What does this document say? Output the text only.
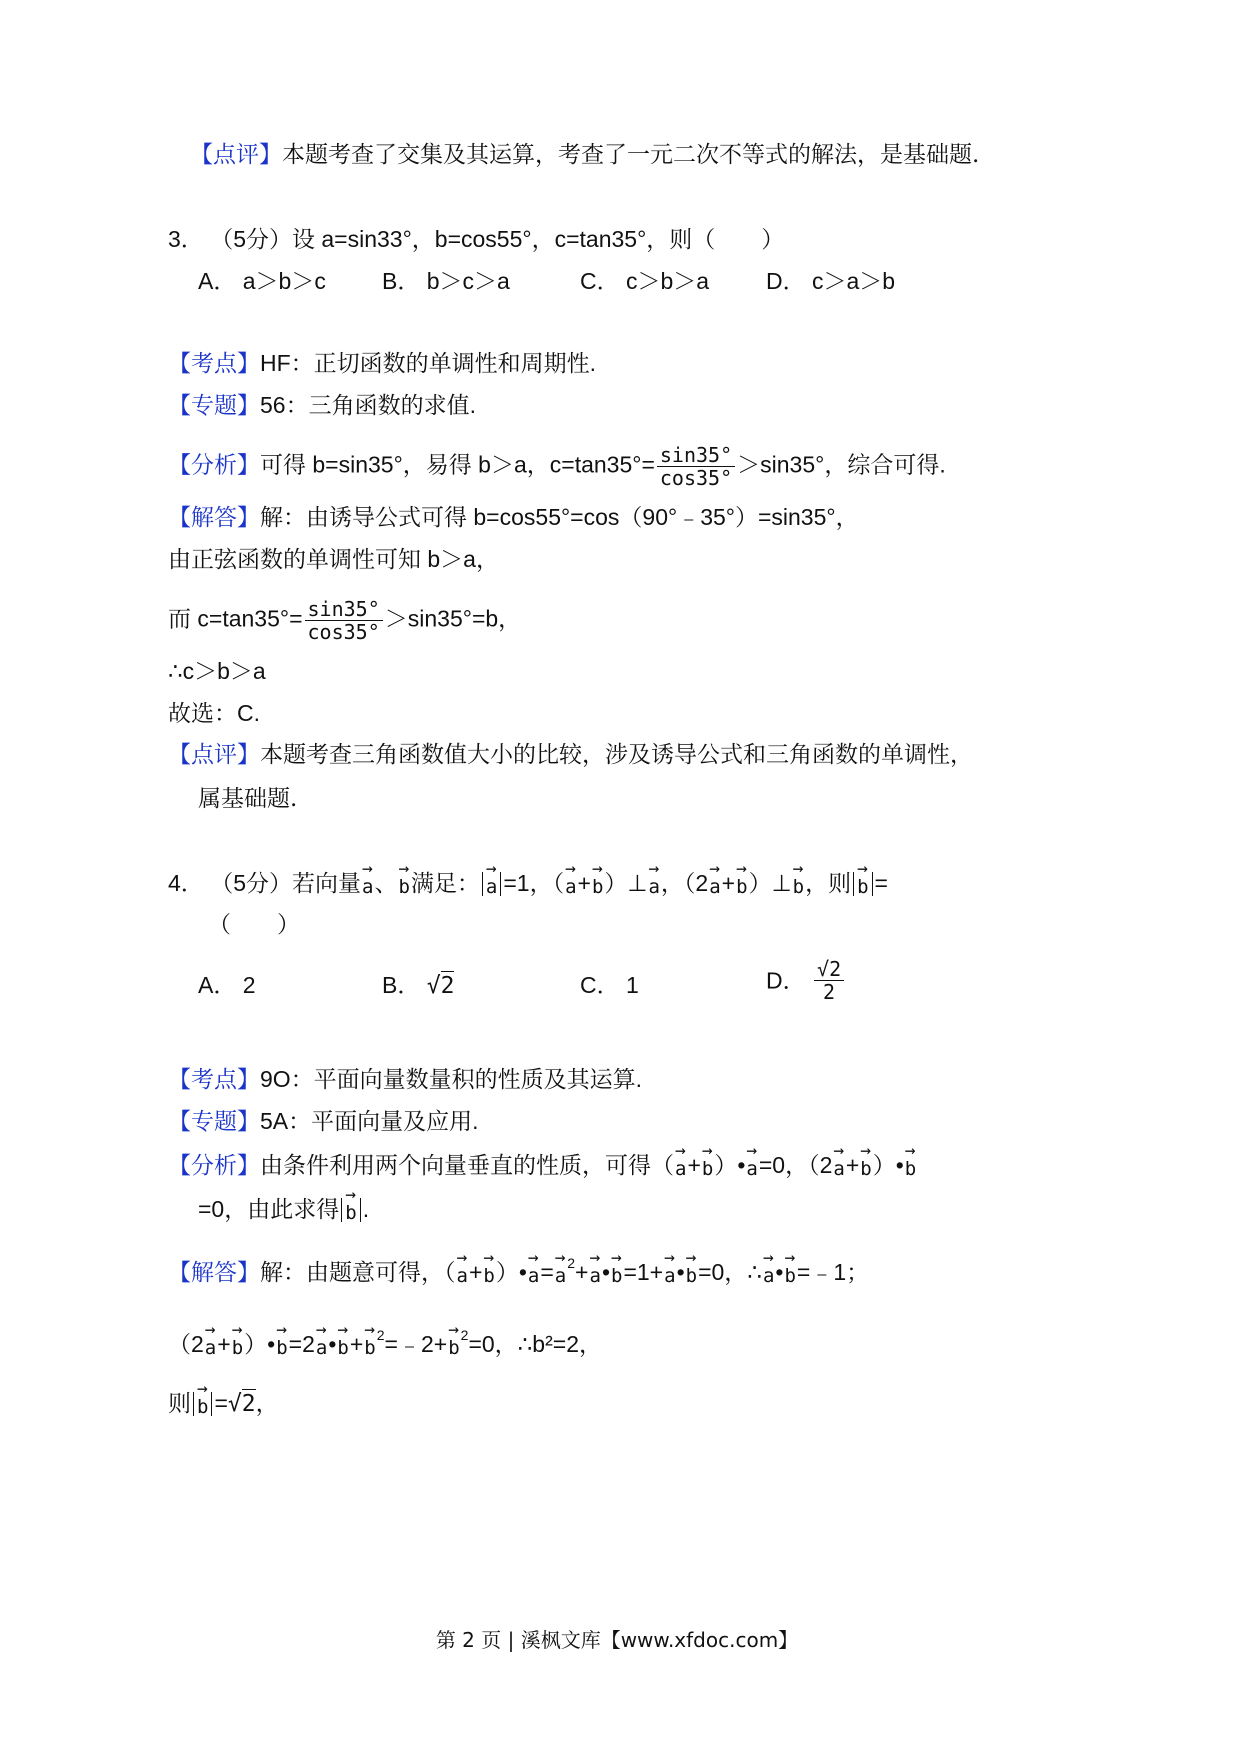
【点评】本题考查了交集及其运算，考查了一元二次不等式的解法，是基础题.
3． （5分）设 a=sin33°，b=cos55°，c=tan35°，则（　　）
A． a＞b＞c B． b＞c＞a	C． c＞b＞a D． c＞a＞b
【考点】HF：正切函数的单调性和周期性.
【专题】56：三角函数的求值.
【分析】可得 b=sin35°，易得 b＞a，$c=\tan 35^\circ= \frac{\sin 35^\circ}{\cos 35^\circ} >\sin 35^\circ$，综合可得.
【解答】解：由诱导公式可得 b=cos55°=cos（90°﹣35°）=sin35°，
由正弦函数的单调性可知 b＞a，
而 $c=\tan 35^\circ= \frac{\sin 35^\circ}{\cos 35^\circ} >\sin 35^\circ=b$，
∴c＞b＞a
故选：C.
【点评】本题考查三角函数值大小的比较，涉及诱导公式和三角函数的单调性，
属基础题.
4． （5分）若向量→ a、→ b满足： → a =1，（→ a+→ b）⊥→ a，（2→ a+→ b）⊥→ b，则 → b =
（　　）
A． 2	B． √2	C． 1	D． $\frac{√2}{2}$
【考点】9O：平面向量数量积的性质及其运算.
【专题】5A：平面向量及应用.
【分析】由条件利用两个向量垂直的性质，可得（→ a+→ b）•→ a=0，（2→ a+→ b）•→ b
=0，由此求得 → b .
【解答】解：由题意可得，（→ a+→ b）•→ $a=\to a^2+\to$ a•→ b=1+→ a•→ b=0，∴→ a•→ b=﹣1；
（2→ a+→ b）•→ b=2→ a•→ $b+\to b^2=﹣2+\to b^2=0$，∴b²=2，
则 → b =√2，
第 2 页 | 溪枫文库【www.xfdoc.com】
